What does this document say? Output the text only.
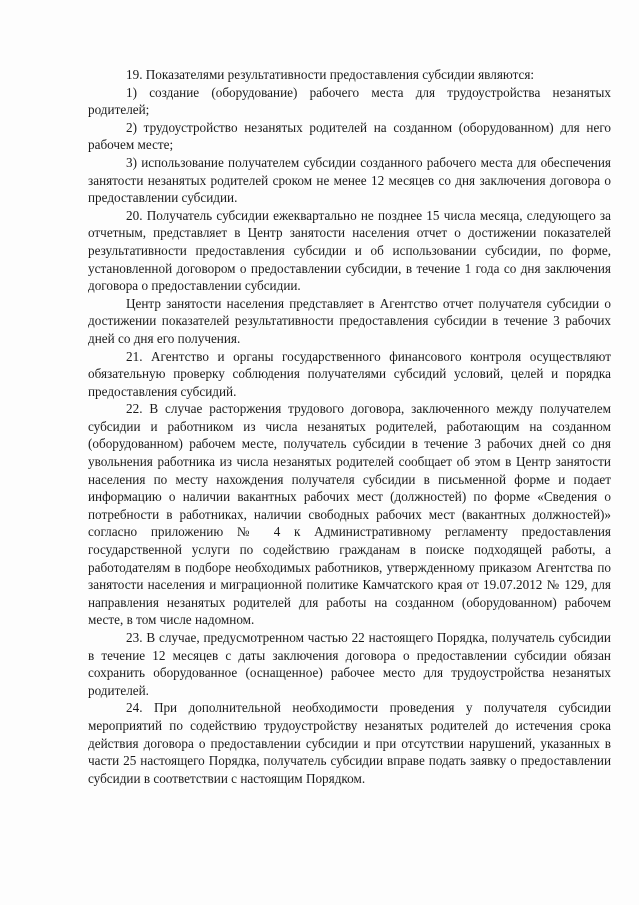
19. Показателями результативности предоставления субсидии являются:

1) создание (оборудование) рабочего места для трудоустройства незанятых родителей;

2) трудоустройство незанятых родителей на созданном (оборудованном) для него рабочем месте;

3) использование получателем субсидии созданного рабочего места для обеспечения занятости незанятых родителей сроком не менее 12 месяцев со дня заключения договора о предоставлении субсидии.

20. Получатель субсидии ежеквартально не позднее 15 числа месяца, следующего за отчетным, представляет в Центр занятости населения отчет о достижении показателей результативности предоставления субсидии и об использовании субсидии, по форме, установленной договором о предоставлении субсидии, в течение 1 года со дня заключения договора о предоставлении субсидии.

Центр занятости населения представляет в Агентство отчет получателя субсидии о достижении показателей результативности предоставления субсидии в течение 3 рабочих дней со дня его получения.

21. Агентство и органы государственного финансового контроля осуществляют обязательную проверку соблюдения получателями субсидий условий, целей и порядка предоставления субсидий.

22. В случае расторжения трудового договора, заключенного между получателем субсидии и работником из числа незанятых родителей, работающим на созданном (оборудованном) рабочем месте, получатель субсидии в течение 3 рабочих дней со дня увольнения работника из числа незанятых родителей сообщает об этом в Центр занятости населения по месту нахождения получателя субсидии в письменной форме и подает информацию о наличии вакантных рабочих мест (должностей) по форме «Сведения о потребности в работниках, наличии свободных рабочих мест (вакантных должностей)» согласно приложению № 4 к Административному регламенту предоставления государственной услуги по содействию гражданам в поиске подходящей работы, а работодателям в подборе необходимых работников, утвержденному приказом Агентства по занятости населения и миграционной политике Камчатского края от 19.07.2012 № 129, для направления незанятых родителей для работы на созданном (оборудованном) рабочем месте, в том числе надомном.

23. В случае, предусмотренном частью 22 настоящего Порядка, получатель субсидии в течение 12 месяцев с даты заключения договора о предоставлении субсидии обязан сохранить оборудованное (оснащенное) рабочее место для трудоустройства незанятых родителей.

24. При дополнительной необходимости проведения у получателя субсидии мероприятий по содействию трудоустройству незанятых родителей до истечения срока действия договора о предоставлении субсидии и при отсутствии нарушений, указанных в части 25 настоящего Порядка, получатель субсидии вправе подать заявку о предоставлении субсидии в соответствии с настоящим Порядком.
